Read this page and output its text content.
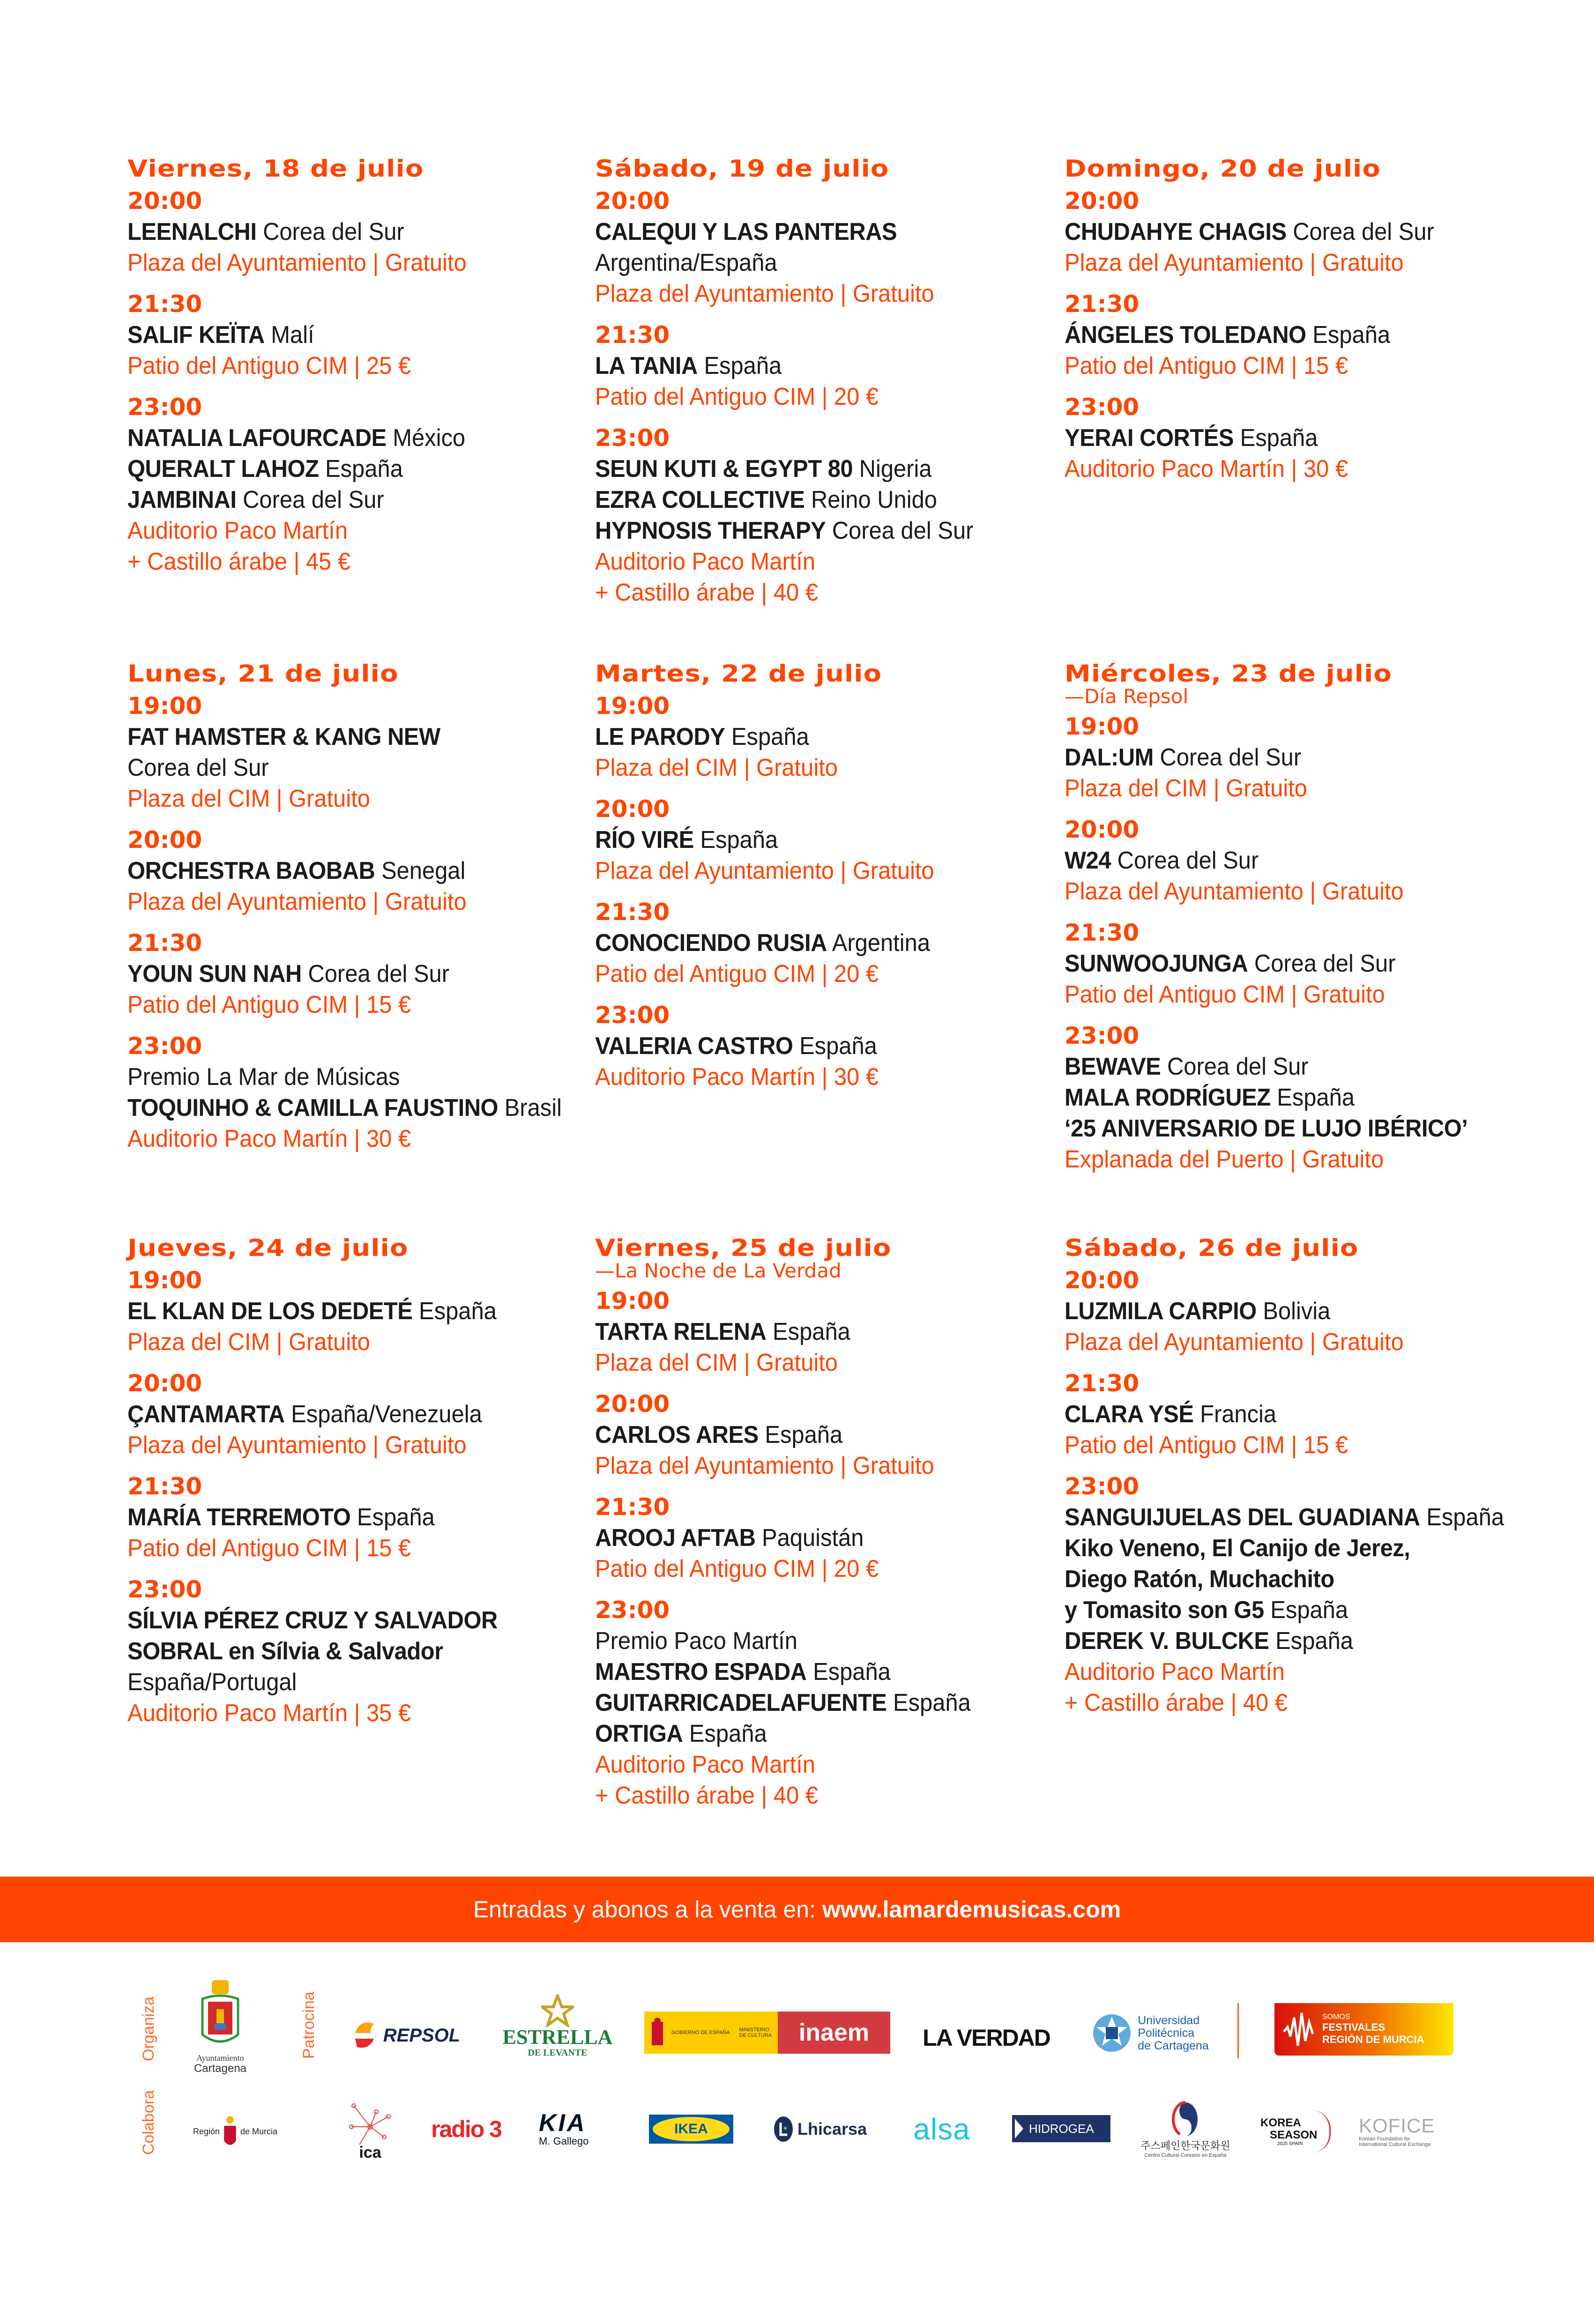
Viernes, 18 de julio
20:00
LEENALCHI Corea del Sur
Plaza del Ayuntamiento | Gratuito
21:30
SALIF KEÏTA Malí
Patio del Antiguo CIM | 25 €
23:00
NATALIA LAFOURCADE México
QUERALT LAHOZ España
JAMBINAI Corea del Sur
Auditorio Paco Martín
+ Castillo árabe | 45 €
Sábado, 19 de julio
20:00
CALEQUI Y LAS PANTERAS
Argentina/España
Plaza del Ayuntamiento | Gratuito
21:30
LA TANIA España
Patio del Antiguo CIM | 20 €
23:00
SEUN KUTI & EGYPT 80 Nigeria
EZRA COLLECTIVE Reino Unido
HYPNOSIS THERAPY Corea del Sur
Auditorio Paco Martín
+ Castillo árabe | 40 €
Domingo, 20 de julio
20:00
CHUDAHYE CHAGIS Corea del Sur
Plaza del Ayuntamiento | Gratuito
21:30
ÁNGELES TOLEDANO España
Patio del Antiguo CIM | 15 €
23:00
YERAI CORTÉS España
Auditorio Paco Martín | 30 €
Lunes, 21 de julio
19:00
FAT HAMSTER & KANG NEW
Corea del Sur
Plaza del CIM | Gratuito
20:00
ORCHESTRA BAOBAB Senegal
Plaza del Ayuntamiento | Gratuito
21:30
YOUN SUN NAH Corea del Sur
Patio del Antiguo CIM | 15 €
23:00
Premio La Mar de Músicas
TOQUINHO & CAMILLA FAUSTINO Brasil
Auditorio Paco Martín | 30 €
Martes, 22 de julio
19:00
LE PARODY España
Plaza del CIM | Gratuito
20:00
RÍO VIRÉ España
Plaza del Ayuntamiento | Gratuito
21:30
CONOCIENDO RUSIA Argentina
Patio del Antiguo CIM | 20 €
23:00
VALERIA CASTRO España
Auditorio Paco Martín | 30 €
Miércoles, 23 de julio
—Día Repsol
19:00
DAL:UM Corea del Sur
Plaza del CIM | Gratuito
20:00
W24 Corea del Sur
Plaza del Ayuntamiento | Gratuito
21:30
SUNWOOJUNGA Corea del Sur
Patio del Antiguo CIM | Gratuito
23:00
BEWAVE Corea del Sur
MALA RODRÍGUEZ España
‘25 ANIVERSARIO DE LUJO IBÉRICO’
Explanada del Puerto | Gratuito
Jueves, 24 de julio
19:00
EL KLAN DE LOS DEDETÉ España
Plaza del CIM | Gratuito
20:00
ÇANTAMARTA España/Venezuela
Plaza del Ayuntamiento | Gratuito
21:30
MARÍA TERREMOTO España
Patio del Antiguo CIM | 15 €
23:00
SÍLVIA PÉREZ CRUZ Y SALVADOR
SOBRAL en Sílvia & Salvador
España/Portugal
Auditorio Paco Martín | 35 €
Viernes, 25 de julio
—La Noche de La Verdad
19:00
TARTA RELENA España
Plaza del CIM | Gratuito
20:00
CARLOS ARES España
Plaza del Ayuntamiento | Gratuito
21:30
AROOJ AFTAB Paquistán
Patio del Antiguo CIM | 20 €
23:00
Premio Paco Martín
MAESTRO ESPADA España
GUITARRICADELAFUENTE España
ORTIGA España
Auditorio Paco Martín
+ Castillo árabe | 40 €
Sábado, 26 de julio
20:00
LUZMILA CARPIO Bolivia
Plaza del Ayuntamiento | Gratuito
21:30
CLARA YSÉ Francia
Patio del Antiguo CIM | 15 €
23:00
SANGUIJUELAS DEL GUADIANA España
Kiko Veneno, El Canijo de Jerez,
Diego Ratón, Muchachito
y Tomasito son G5 España
DEREK V. BULCKE España
Auditorio Paco Martín
+ Castillo árabe | 40 €
Entradas y abonos a la venta en: www.lamardemusicas.com
Organiza	Patrocina
Colabora
Ayuntamiento
Cartagena
REPSOL ESTRELLA
DE LEVANTE
GOBIERNO DE ESPAÑA MINISTERIO DE CULTURA inaem LA VERDAD
Universidad
Politécnica
de Cartagena
SOMOS
FESTIVALES
REGIÓN DE MURCIA
Región de Murcia
ica
radio 3 KIA
M. Gallego
IKEA	Lhicarsa alsa	HIDROGEA
주스페인한국문화원
Centro Cultural Coreano en España
KOREA
SEASON
2025 SPAIN
KOFICE
Korean Foundation for
International Cultural Exchange
